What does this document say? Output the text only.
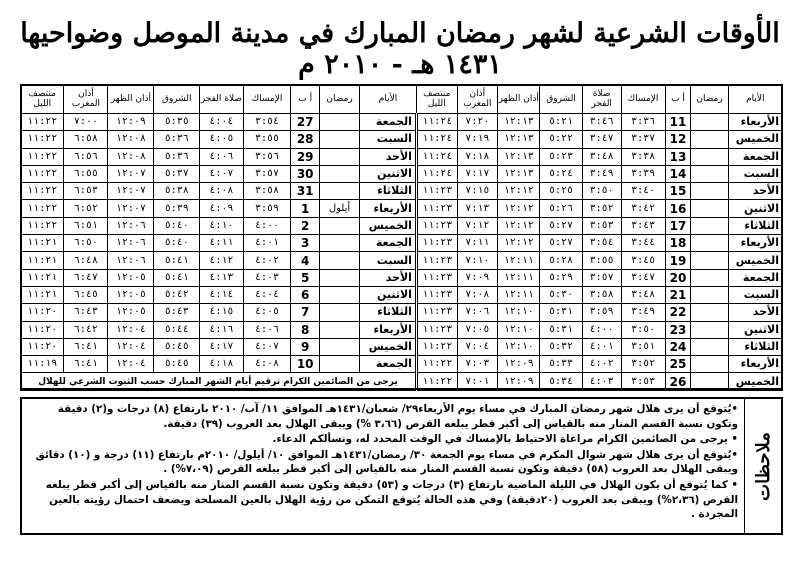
الأوقات الشرعية لشهر رمضان المبارك في مدينة الموصل وضواحيها ١٤٣١ هـ - ٢٠١٠ م
الأيام	رمضان	أ ب	الإمساك	صلاة الفجر	الشروق	أذان الظهر	أذان المغرب	منتصف الليل	الأيام	رمضان	أ ب	الإمساك	صلاة الفجر	الشروق	أذان الظهر	أذان المغرب	منتصف الليل
الأربعاء		11	٣:٣٦	٣:٤٦	٥:٢١	١٢:١٣	٧:٢٠	١١:٢٤	الجمعة		27	٣:٥٤	٤:٠٤	٥:٣٥	١٢:٠٩	٧:٠٠	١١:٢٢
الخميس		12	٣:٣٧	٣:٤٧	٥:٢٢	١٢:١٣	٧:١٩	١١:٢٤	السبت		28	٣:٥٥	٤:٠٥	٥:٣٦	١٢:٠٨	٦:٥٨	١١:٢٢
الجمعة		13	٣:٣٨	٣:٤٨	٥:٢٣	١٢:١٣	٧:١٨	١١:٢٤	الأحد		29	٣:٥٦	٤:٠٦	٥:٣٦	١٢:٠٨	٦:٥٦	١١:٢٢
السبت		14	٣:٣٩	٣:٤٩	٥:٢٤	١٢:١٣	٧:١٧	١١:٢٤	الاثنين		30	٣:٥٧	٤:٠٧	٥:٣٧	١٢:٠٧	٦:٥٥	١١:٢٢
الأحد		15	٣:٤٠	٣:٥٠	٥:٢٥	١٢:١٢	٧:١٥	١١:٢٣	الثلاثاء		31	٣:٥٨	٤:٠٨	٥:٣٨	١٢:٠٧	٦:٥٣	١١:٢٢
الاثنين		16	٣:٤٢	٣:٥٢	٥:٢٦	١٢:١٢	٧:١٣	١١:٢٣	الأربعاء	أيلول	1	٣:٥٩	٤:٠٩	٥:٣٩	١٢:٠٧	٦:٥٢	١١:٢٢
الثلاثاء		17	٣:٤٣	٣:٥٣	٥:٢٧	١٢:١٢	٧:١٢	١١:٢٣	الخميس		2	٤:٠٠	٤:١٠	٥:٤٠	١٢:٠٦	٦:٥١	١١:٢٢
الأربعاء		18	٣:٤٤	٣:٥٤	٥:٢٧	١٢:١٢	٧:١١	١١:٢٣	الجمعة		3	٤:٠١	٤:١١	٥:٤٠	١٢:٠٦	٦:٥٠	١١:٢١
الخميس		19	٣:٤٥	٣:٥٥	٥:٢٨	١٢:١١	٧:١٠	١١:٢٣	السبت		4	٤:٠٢	٤:١٢	٥:٤١	١٢:٠٦	٦:٤٨	١١:٢١
الجمعة		20	٣:٤٧	٣:٥٧	٥:٢٩	١٢:١١	٧:٠٩	١١:٢٣	الأحد		5	٤:٠٣	٤:١٣	٥:٤١	١٢:٠٥	٦:٤٧	١١:٢١
السبت		21	٣:٤٨	٣:٥٨	٥:٣٠	١٢:١١	٧:٠٨	١١:٢٣	الاثنين		6	٤:٠٤	٤:١٤	٥:٤٢	١٢:٠٥	٦:٤٥	١١:٢١
الأحد		22	٣:٤٩	٣:٥٩	٥:٣١	١٢:١٠	٧:٠٦	١١:٢٣	الثلاثاء		7	٤:٠٥	٤:١٥	٥:٤٣	١٢:٠٥	٦:٤٣	١١:٢٠
الاثنين		23	٣:٥٠	٤:٠٠	٥:٣١	١٢:١٠	٧:٠٥	١١:٢٣	الأربعاء		8	٤:٠٦	٤:١٦	٥:٤٤	١٢:٠٤	٦:٤٢	١١:٢٠
الثلاثاء		24	٣:٥١	٤:٠١	٥:٣٢	١٢:١٠	٧:٠٤	١١:٢٢	الخميس		9	٤:٠٧	٤:١٧	٥:٤٥	١٢:٠٤	٦:٤١	١١:٢٠
الأربعاء		25	٣:٥٢	٤:٠٢	٥:٣٣	١٢:٠٩	٧:٠٣	١١:٢٢	الجمعة		10	٤:٠٨	٤:١٨	٥:٤٥	١٢:٠٤	٦:٤١	١١:١٩
الخميس		26	٣:٥٣	٤:٠٣	٥:٣٤	١٢:٠٩	٧:٠١	١١:٢٢	يرجى من الصائمين الكرام ترقيم أيام الشهر المبارك حسب الثبوت الشرعي للهلال								
ملاحظات

•يُتوقع أن يرى هلال شهر رمضان المبارك في مساء يوم الأربعاء٢٩/ شعبان/١٤٣١هـ الموافق ١١/ آب/ ٢٠١٠ بارتفاع (٨) درجات و(٢) دقيقة وتكون نسبة القسم المنار منه بالقياس إلى أكبر قطر يبلغه القرص (٣،٦٦ %) ويبقى الهلال بعد الغروب (٣٩) دقيقة.

• يرجى من الصائمين الكرام مراعاة الاحتياط بالإمساك في الوقت المحدد له، ونسألكم الدعاء.

•يُتوقع أن يرى هلال شهر شوال المكرم في مساء يوم الجمعة ٣٠/ رمضان/١٤٣١هـ الموافق ١٠/ أيلول/ ٢٠١٠م بارتفاع (١١) درجة و (١٠) دقائق ويبقى الهلال بعد الغروب (٥٨) دقيقة وتكون نسبة القسم المنار منه بالقياس إلى أكبر قطر يبلغه القرص (٧،٠٩%) .

• كما يُتوقع أن يكون الهلال في الليلة الماضية بارتفاع (٣) درجات و (٥٣) دقيقة وتكون نسبة القسم المنار منه بالقياس إلى أكبر قطر يبلغه القرص (٢،٣٦%) ويبقى بعد الغروب (٢٠دقيقة) وفي هذه الحالة يُتوقع التمكن من رؤية الهلال بالعين المسلحة ويضعف احتمال رؤيته بالعين المجردة .
